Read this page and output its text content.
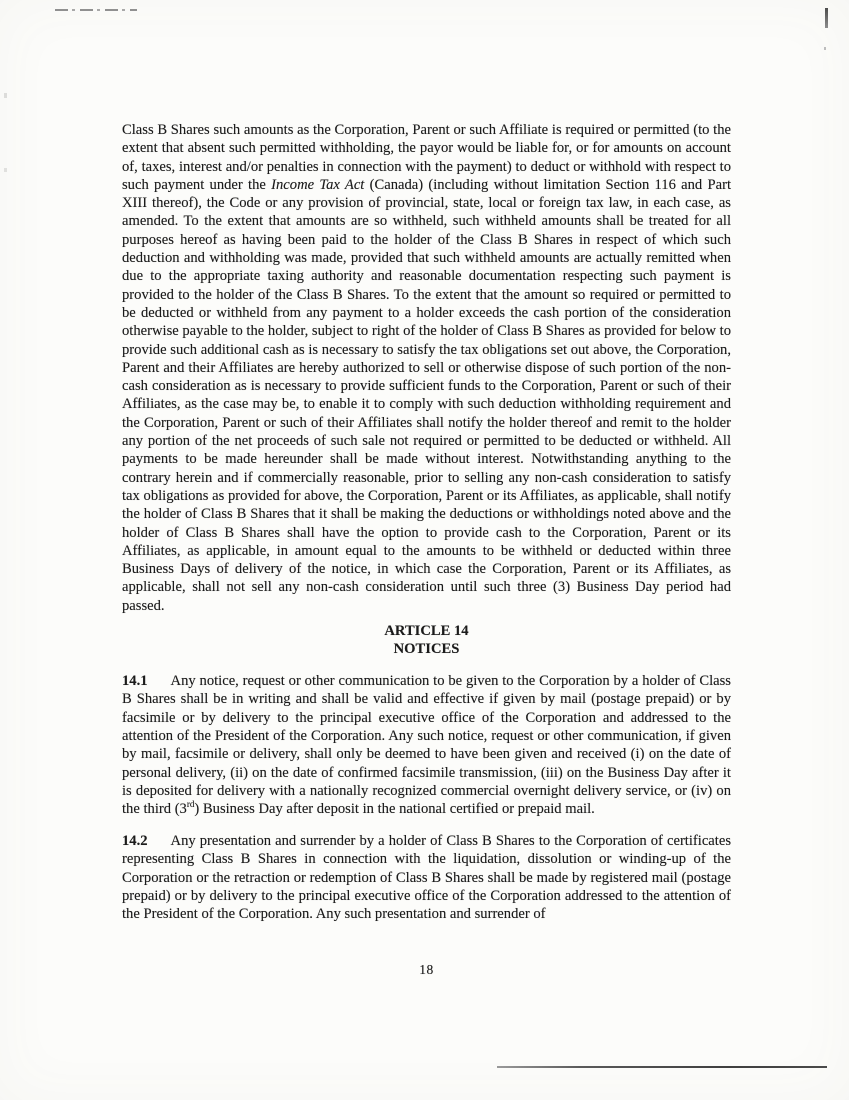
Class B Shares such amounts as the Corporation, Parent or such Affiliate is required or permitted (to the extent that absent such permitted withholding, the payor would be liable for, or for amounts on account of, taxes, interest and/or penalties in connection with the payment) to deduct or withhold with respect to such payment under the Income Tax Act (Canada) (including without limitation Section 116 and Part XIII thereof), the Code or any provision of provincial, state, local or foreign tax law, in each case, as amended. To the extent that amounts are so withheld, such withheld amounts shall be treated for all purposes hereof as having been paid to the holder of the Class B Shares in respect of which such deduction and withholding was made, provided that such withheld amounts are actually remitted when due to the appropriate taxing authority and reasonable documentation respecting such payment is provided to the holder of the Class B Shares. To the extent that the amount so required or permitted to be deducted or withheld from any payment to a holder exceeds the cash portion of the consideration otherwise payable to the holder, subject to right of the holder of Class B Shares as provided for below to provide such additional cash as is necessary to satisfy the tax obligations set out above, the Corporation, Parent and their Affiliates are hereby authorized to sell or otherwise dispose of such portion of the non-cash consideration as is necessary to provide sufficient funds to the Corporation, Parent or such of their Affiliates, as the case may be, to enable it to comply with such deduction withholding requirement and the Corporation, Parent or such of their Affiliates shall notify the holder thereof and remit to the holder any portion of the net proceeds of such sale not required or permitted to be deducted or withheld. All payments to be made hereunder shall be made without interest. Notwithstanding anything to the contrary herein and if commercially reasonable, prior to selling any non-cash consideration to satisfy tax obligations as provided for above, the Corporation, Parent or its Affiliates, as applicable, shall notify the holder of Class B Shares that it shall be making the deductions or withholdings noted above and the holder of Class B Shares shall have the option to provide cash to the Corporation, Parent or its Affiliates, as applicable, in amount equal to the amounts to be withheld or deducted within three Business Days of delivery of the notice, in which case the Corporation, Parent or its Affiliates, as applicable, shall not sell any non-cash consideration until such three (3) Business Day period had passed.

ARTICLE 14
NOTICES

14.1 Any notice, request or other communication to be given to the Corporation by a holder of Class B Shares shall be in writing and shall be valid and effective if given by mail (postage prepaid) or by facsimile or by delivery to the principal executive office of the Corporation and addressed to the attention of the President of the Corporation. Any such notice, request or other communication, if given by mail, facsimile or delivery, shall only be deemed to have been given and received (i) on the date of personal delivery, (ii) on the date of confirmed facsimile transmission, (iii) on the Business Day after it is deposited for delivery with a nationally recognized commercial overnight delivery service, or (iv) on the third (3rd) Business Day after deposit in the national certified or prepaid mail.

14.2 Any presentation and surrender by a holder of Class B Shares to the Corporation of certificates representing Class B Shares in connection with the liquidation, dissolution or winding-up of the Corporation or the retraction or redemption of Class B Shares shall be made by registered mail (postage prepaid) or by delivery to the principal executive office of the Corporation addressed to the attention of the President of the Corporation. Any such presentation and surrender of

18
